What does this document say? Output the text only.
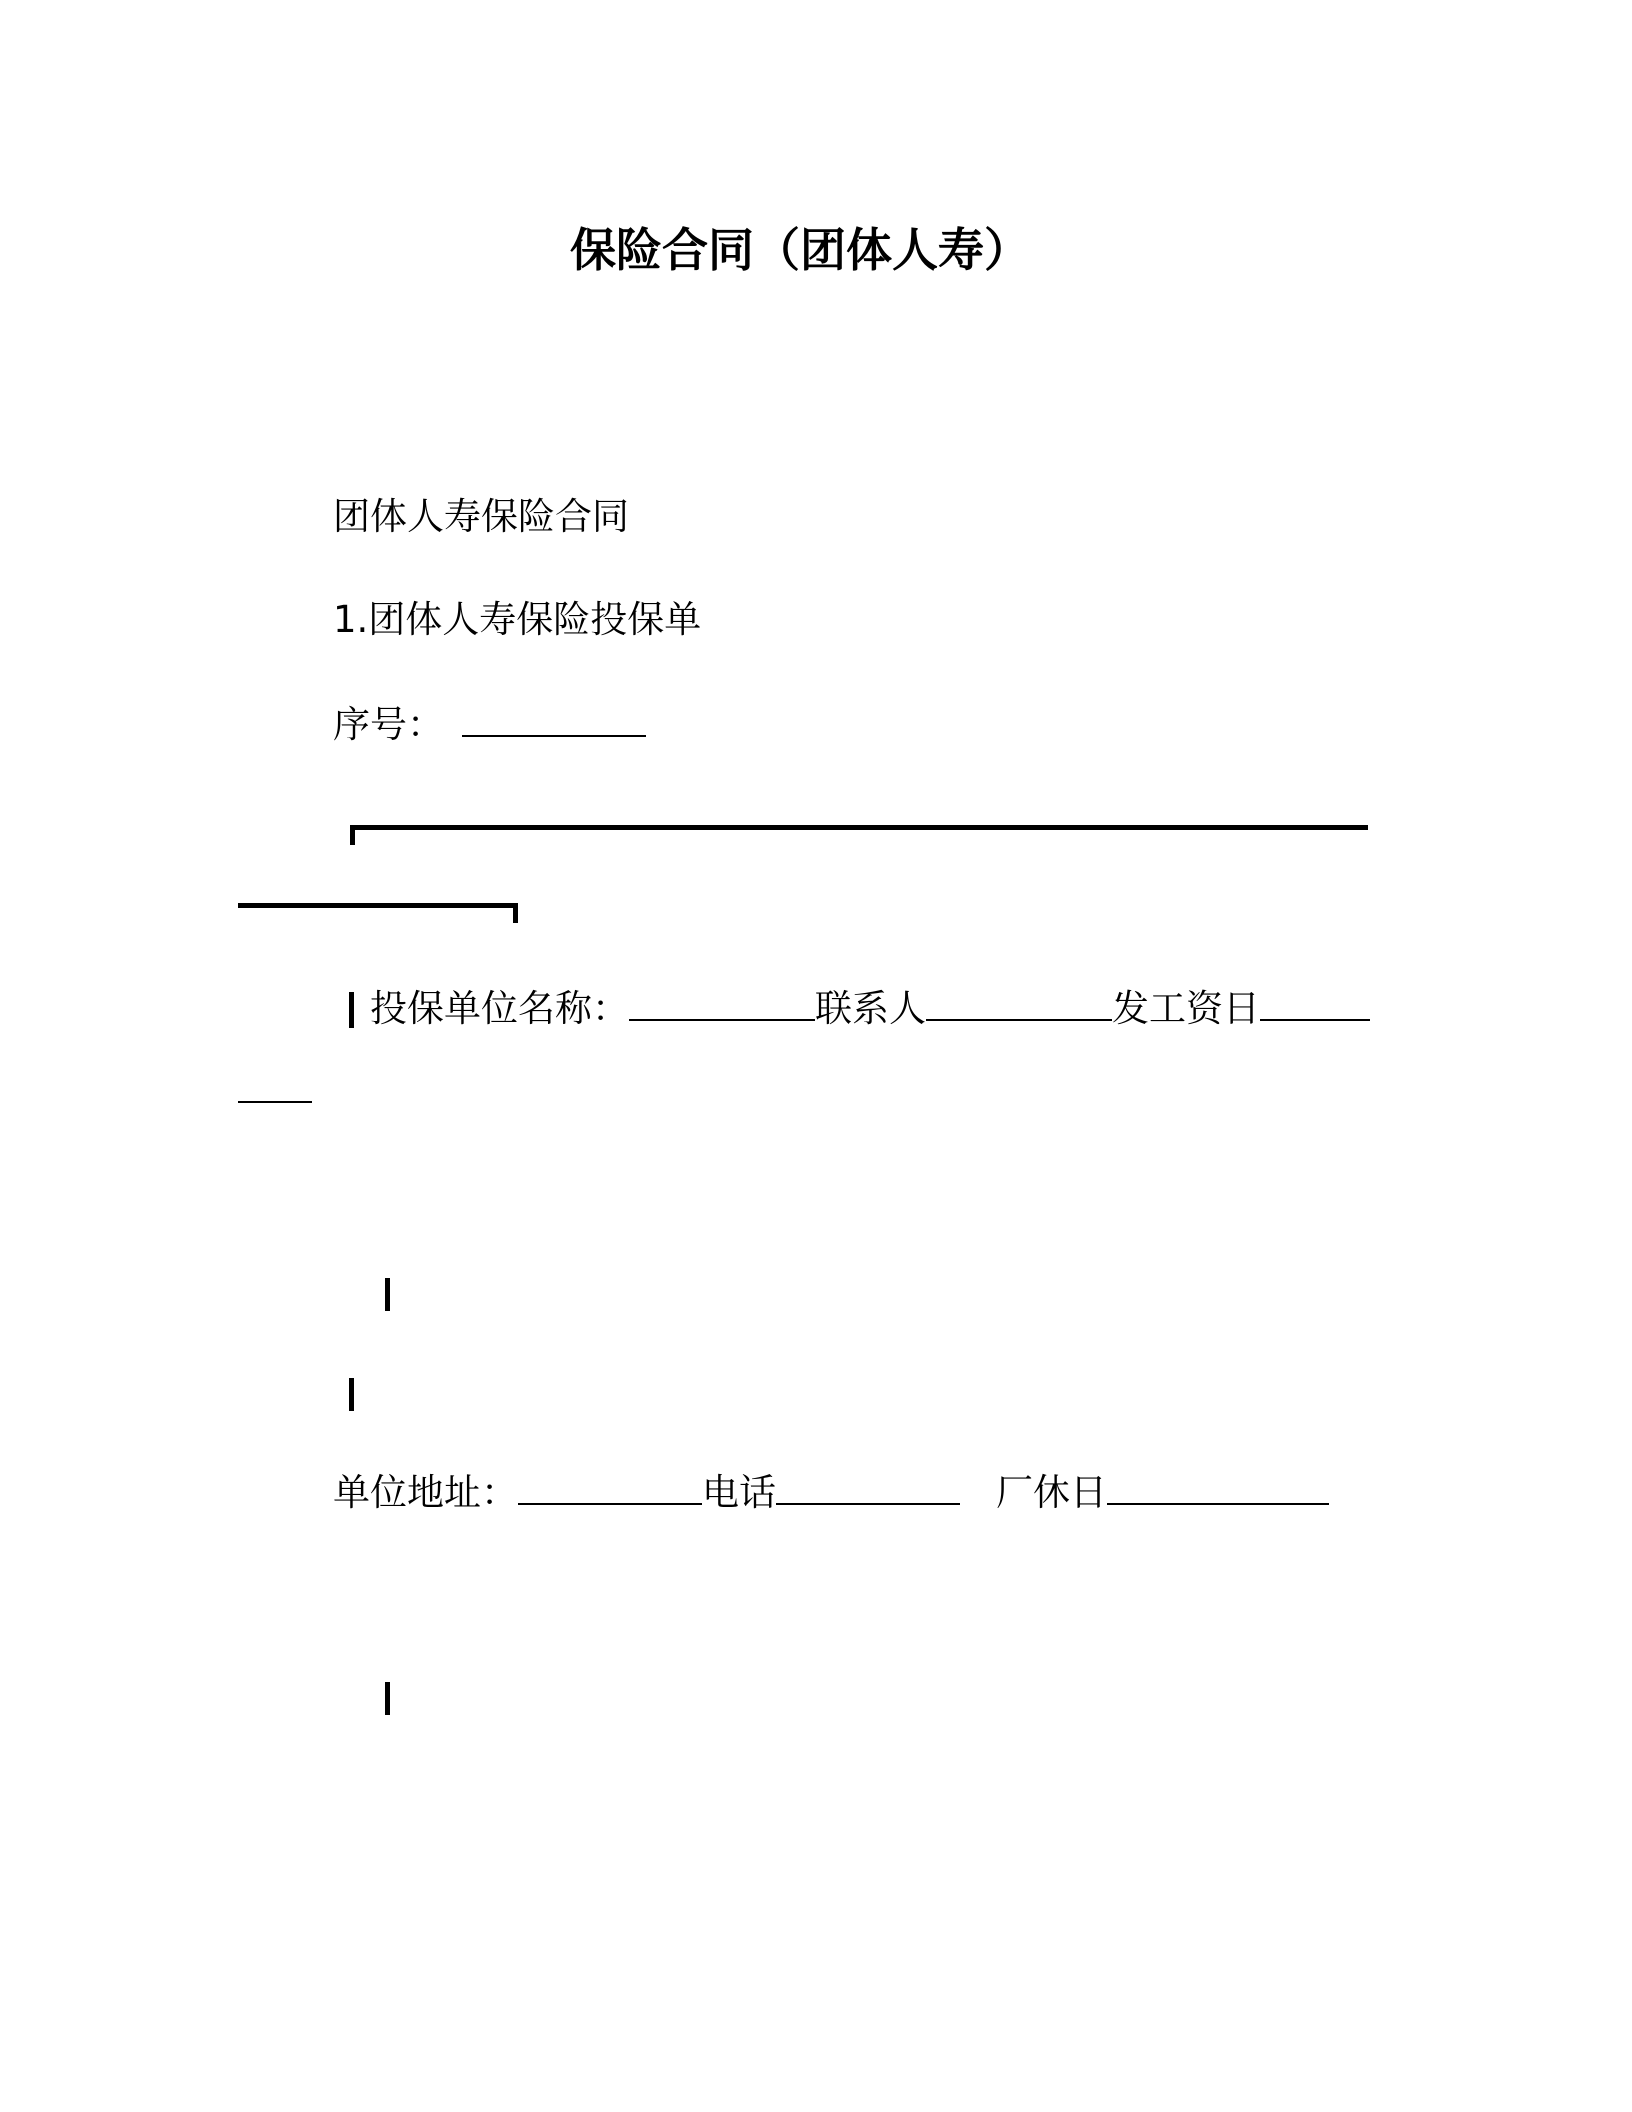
保险合同（团体人寿）
团体人寿保险合同
1.团体人寿保险投保单
序号：
投保单位名称：	联系人	发工资日
单位地址：	电话	厂休日
